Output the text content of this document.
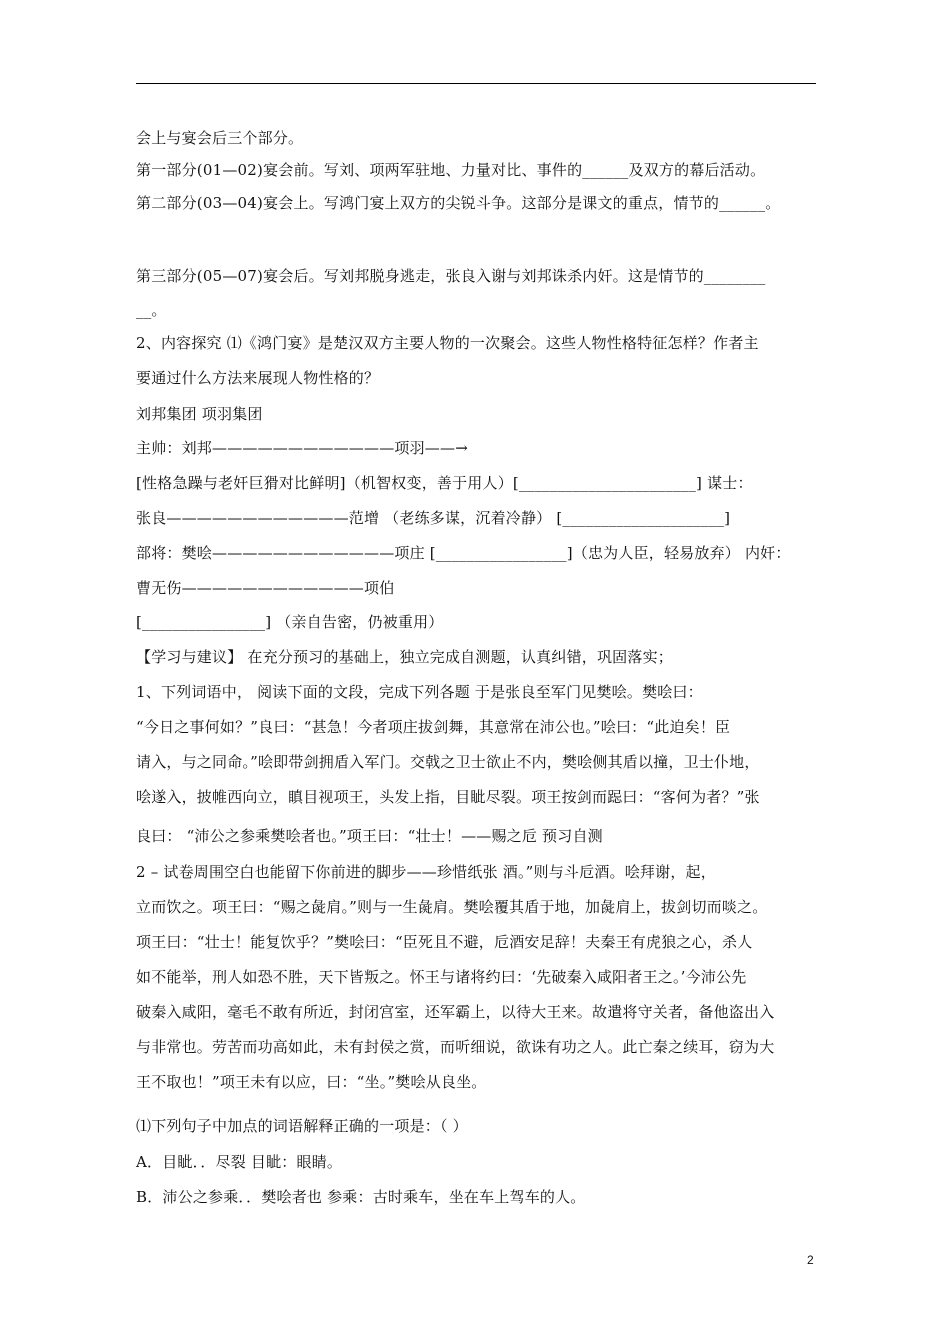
会上与宴会后三个部分。
第一部分(01—02)宴会前。写刘、项两军驻地、力量对比、事件的______及双方的幕后活动。
第二部分(03—04)宴会上。写鸿门宴上双方的尖锐斗争。这部分是课文的重点，情节的______。
第三部分(05—07)宴会后。写刘邦脱身逃走，张良入谢与刘邦诛杀内奸。这是情节的________
__。
2、内容探究 ⑴《鸿门宴》是楚汉双方主要人物的一次聚会。这些人物性格特征怎样？作者主
要通过什么方法来展现人物性格的？
刘邦集团 项羽集团
主帅：刘邦————————————项羽——→
[性格急躁与老奸巨猾对比鲜明]（机智权变，善于用人）[_______________________] 谋士：
张良————————————范增 （老练多谋，沉着冷静） [_____________________]
部将：樊哙————————————项庄 [_________________]（忠为人臣，轻易放弃） 内奸：
曹无伤————————————项伯
[________________] （亲自告密，仍被重用）
【学习与建议】 在充分预习的基础上，独立完成自测题，认真纠错，巩固落实；
1、下列词语中， 阅读下面的文段，完成下列各题 于是张良至军门见樊哙。樊哙曰：
“今日之事何如？”良曰：“甚急！今者项庄拔剑舞，其意常在沛公也。”哙曰：“此迫矣！臣
请入，与之同命。”哙即带剑拥盾入军门。交戟之卫士欲止不内，樊哙侧其盾以撞，卫士仆地，
哙遂入，披帷西向立，瞋目视项王，头发上指，目眦尽裂。项王按剑而跽曰：“客何为者？”张
良曰： “沛公之参乘樊哙者也。”项王曰：“壮士！——赐之卮 预习自测
2 – 试卷周围空白也能留下你前进的脚步——珍惜纸张 酒。”则与斗卮酒。哙拜谢，起，
立而饮之。项王曰：“赐之彘肩。”则与一生彘肩。樊哙覆其盾于地，加彘肩上，拔剑切而啖之。
项王曰：“壮士！能复饮乎？”樊哙曰：“臣死且不避，卮酒安足辞！夫秦王有虎狼之心，杀人
如不能举，刑人如恐不胜，天下皆叛之。怀王与诸将约曰：‘先破秦入咸阳者王之。’今沛公先
破秦入咸阳，毫毛不敢有所近，封闭宫室，还军霸上，以待大王来。故遣将守关者，备他盗出入
与非常也。劳苦而功高如此，未有封侯之赏，而听细说，欲诛有功之人。此亡秦之续耳，窃为大
王不取也！”项王未有以应，曰：“坐。”樊哙从良坐。
⑴下列句子中加点的词语解释正确的一项是：（ ）
A．目眦．．尽裂 目眦：眼睛。
B．沛公之参乘．．樊哙者也 参乘：古时乘车，坐在车上驾车的人。
2
